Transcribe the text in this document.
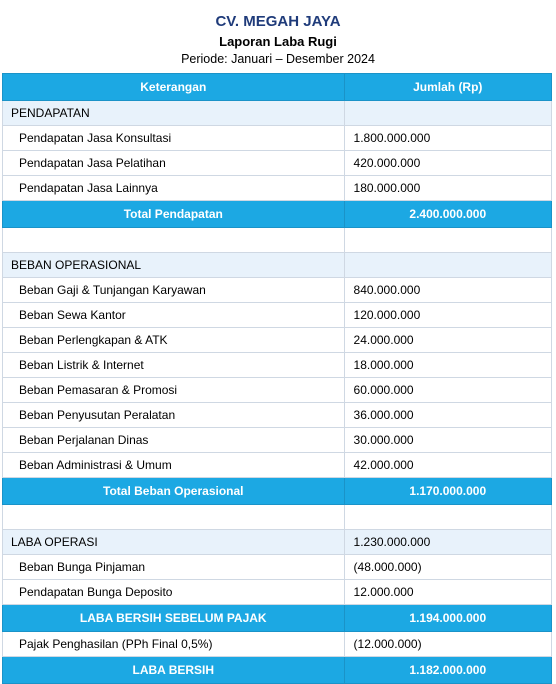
CV. MEGAH JAYA
Laporan Laba Rugi
Periode: Januari – Desember 2024
Keterangan	Jumlah (Rp)
PENDAPATAN	
Pendapatan Jasa Konsultasi	1.800.000.000
Pendapatan Jasa Pelatihan	420.000.000
Pendapatan Jasa Lainnya	180.000.000
Total Pendapatan	2.400.000.000

BEBAN OPERASIONAL	
Beban Gaji & Tunjangan Karyawan	840.000.000
Beban Sewa Kantor	120.000.000
Beban Perlengkapan & ATK	24.000.000
Beban Listrik & Internet	18.000.000
Beban Pemasaran & Promosi	60.000.000
Beban Penyusutan Peralatan	36.000.000
Beban Perjalanan Dinas	30.000.000
Beban Administrasi & Umum	42.000.000
Total Beban Operasional	1.170.000.000

LABA OPERASI	1.230.000.000
Beban Bunga Pinjaman	(48.000.000)
Pendapatan Bunga Deposito	12.000.000
LABA BERSIH SEBELUM PAJAK	1.194.000.000
Pajak Penghasilan (PPh Final 0,5%)	(12.000.000)
LABA BERSIH	1.182.000.000
